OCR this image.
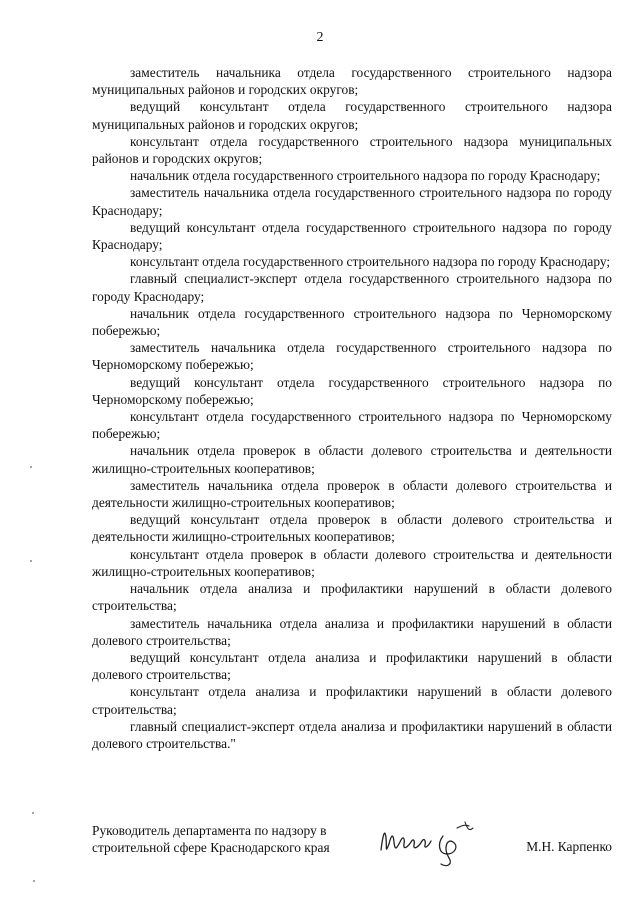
2

заместитель начальника отдела государственного строительного надзора муниципальных районов и городских округов;

ведущий консультант отдела государственного строительного надзора муниципальных районов и городских округов;

консультант отдела государственного строительного надзора муниципальных районов и городских округов;

начальник отдела государственного строительного надзора по городу Краснодару;

заместитель начальника отдела государственного строительного надзора по городу Краснодару;

ведущий консультант отдела государственного строительного надзора по городу Краснодару;

консультант отдела государственного строительного надзора по городу Краснодару;

главный специалист-эксперт отдела государственного строительного надзора по городу Краснодару;

начальник отдела государственного строительного надзора по Черноморскому побережью;

заместитель начальника отдела государственного строительного надзора по Черноморскому побережью;

ведущий консультант отдела государственного строительного надзора по Черноморскому побережью;

консультант отдела государственного строительного надзора по Черноморскому побережью;

начальник отдела проверок в области долевого строительства и деятельности жилищно-строительных кооперативов;

заместитель начальника отдела проверок в области долевого строительства и деятельности жилищно-строительных кооперативов;

ведущий консультант отдела проверок в области долевого строительства и деятельности жилищно-строительных кооперативов;

консультант отдела проверок в области долевого строительства и деятельности жилищно-строительных кооперативов;

начальник отдела анализа и профилактики нарушений в области долевого строительства;

заместитель начальника отдела анализа и профилактики нарушений в области долевого строительства;

ведущий консультант отдела анализа и профилактики нарушений в области долевого строительства;

консультант отдела анализа и профилактики нарушений в области долевого строительства;

главный специалист-эксперт отдела анализа и профилактики нарушений в области долевого строительства."

Руководитель департамента по надзору в
строительной сфере Краснодарского края	М.Н. Карпенко
